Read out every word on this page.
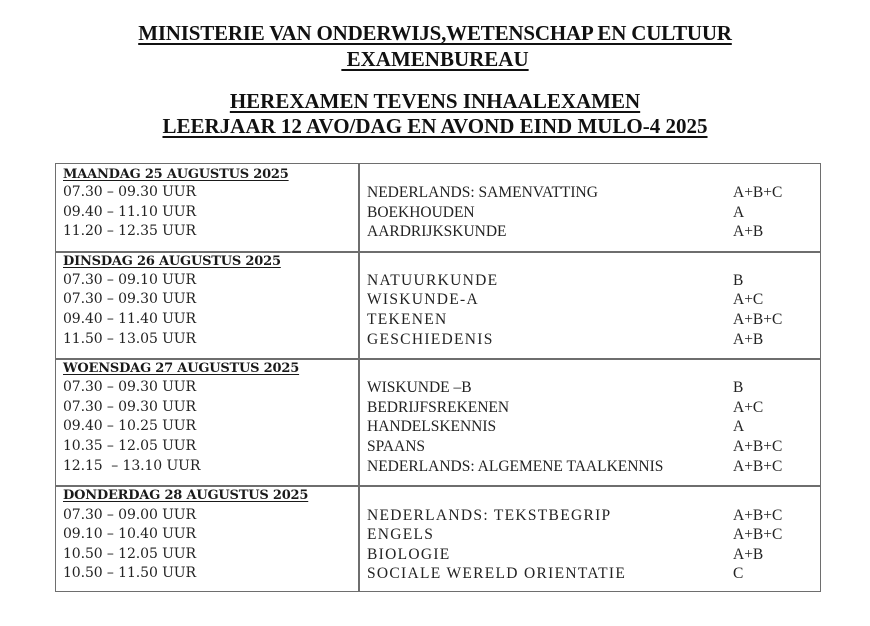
MINISTERIE VAN ONDERWIJS,WETENSCHAP EN CULTUUR
EXAMENBUREAU
HEREXAMEN TEVENS INHAALEXAMEN
LEERJAAR 12 AVO/DAG EN AVOND EIND MULO-4 2025
MAANDAG 25 AUGUSTUS 2025
07.30 – 09.30 UUR
09.40 – 11.10 UUR
11.20 – 12.35 UUR
NEDERLANDS: SAMENVATTING
BOEKHOUDEN
AARDRIJKSKUNDE
A+B+C
A
A+B
DINSDAG 26 AUGUSTUS 2025
07.30 – 09.10 UUR
07.30 – 09.30 UUR
09.40 – 11.40 UUR
11.50 – 13.05 UUR
NATUURKUNDE
WISKUNDE-A
TEKENEN
GESCHIEDENIS
B
A+C
A+B+C
A+B
WOENSDAG 27 AUGUSTUS 2025
07.30 – 09.30 UUR
07.30 – 09.30 UUR
09.40 – 10.25 UUR
10.35 – 12.05 UUR
12.15  – 13.10 UUR
WISKUNDE –B
BEDRIJFSREKENEN
HANDELSKENNIS
SPAANS
NEDERLANDS: ALGEMENE TAALKENNIS
B
A+C
A
A+B+C
A+B+C
DONDERDAG 28 AUGUSTUS 2025
07.30 – 09.00 UUR
09.10 – 10.40 UUR
10.50 – 12.05 UUR
10.50 – 11.50 UUR
NEDERLANDS: TEKSTBEGRIP
ENGELS
BIOLOGIE
SOCIALE WERELD ORIENTATIE
A+B+C
A+B+C
A+B
C
